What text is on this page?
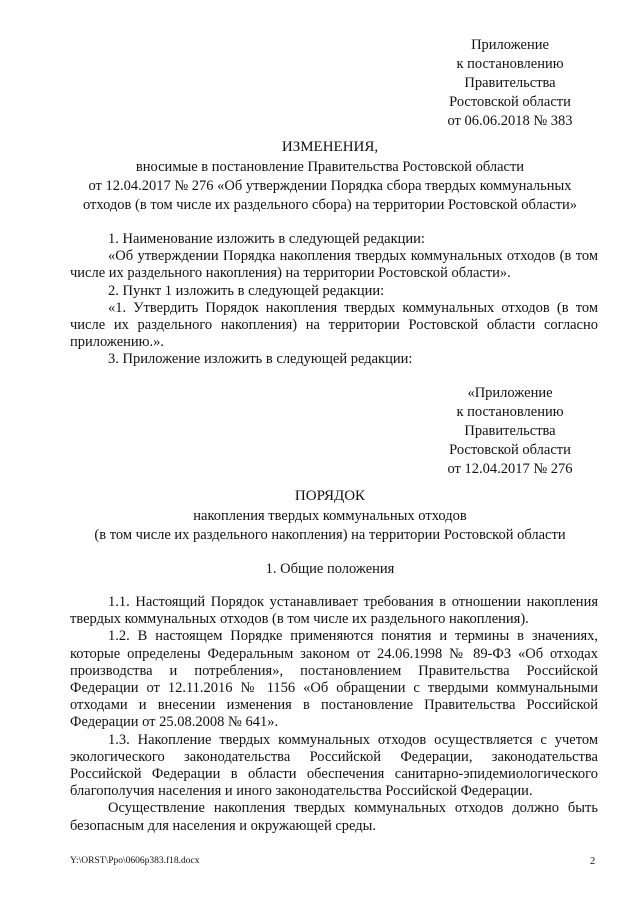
Приложение
к постановлению
Правительства
Ростовской области
от 06.06.2018 № 383
ИЗМЕНЕНИЯ,
вносимые в постановление Правительства Ростовской области
от 12.04.2017 № 276 «Об утверждении Порядка сбора твердых коммунальных
отходов (в том числе их раздельного сбора) на территории Ростовской области»

1. Наименование изложить в следующей редакции:

«Об утверждении Порядка накопления твердых коммунальных отходов (в том числе их раздельного накопления) на территории Ростовской области».

2. Пункт 1 изложить в следующей редакции:

«1. Утвердить Порядок накопления твердых коммунальных отходов (в том числе их раздельного накопления) на территории Ростовской области согласно приложению.».

3. Приложение изложить в следующей редакции:

«Приложение
к постановлению
Правительства
Ростовской области
от 12.04.2017 № 276
ПОРЯДОК
накопления твердых коммунальных отходов
(в том числе их раздельного накопления) на территории Ростовской области
1. Общие положения

1.1. Настоящий Порядок устанавливает требования в отношении накопления твердых коммунальных отходов (в том числе их раздельного накопления).

1.2. В настоящем Порядке применяются понятия и термины в значениях, которые определены Федеральным законом от 24.06.1998 № 89-ФЗ «Об отходах производства и потребления», постановлением Правительства Российской Федерации от 12.11.2016 № 1156 «Об обращении с твердыми коммунальными отходами и внесении изменения в постановление Правительства Российской Федерации от 25.08.2008 № 641».

1.3. Накопление твердых коммунальных отходов осуществляется с учетом экологического законодательства Российской Федерации, законодательства Российской Федерации в области обеспечения санитарно-эпидемиологического благополучия населения и иного законодательства Российской Федерации.

Осуществление накопления твердых коммунальных отходов должно быть безопасным для населения и окружающей среды.

Y:\ORST\Ppo\0606p383.f18.docx	2
